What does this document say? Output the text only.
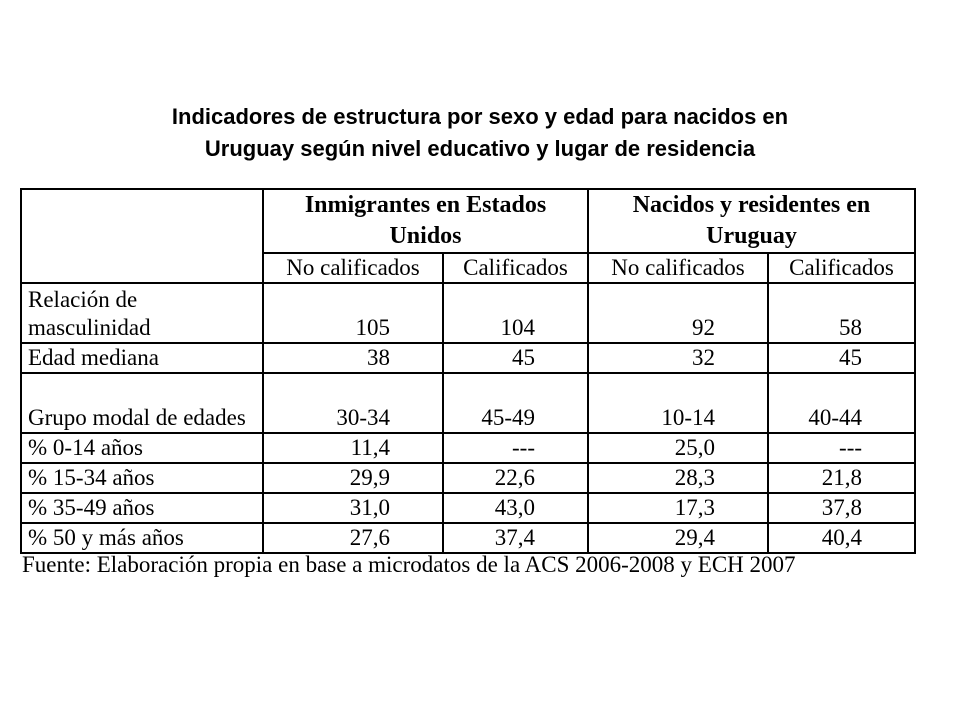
Indicadores de estructura por sexo y edad para nacidos en
Uruguay según nivel educativo y lugar de residencia
	Inmigrantes en Estados Unidos		Nacidos y residentes en Uruguay	
	No calificados	Calificados	No calificados	Calificados
Relación de masculinidad	105	104	92	58
Edad mediana	38	45	32	45
Grupo modal de edades	30-34	45-49	10-14	40-44
% 0-14 años	11,4	---	25,0	---
% 15-34 años	29,9	22,6	28,3	21,8
% 35-49 años	31,0	43,0	17,3	37,8
% 50 y más años	27,6	37,4	29,4	40,4
Fuente: Elaboración propia en base a microdatos de la ACS 2006-2008 y ECH 2007
